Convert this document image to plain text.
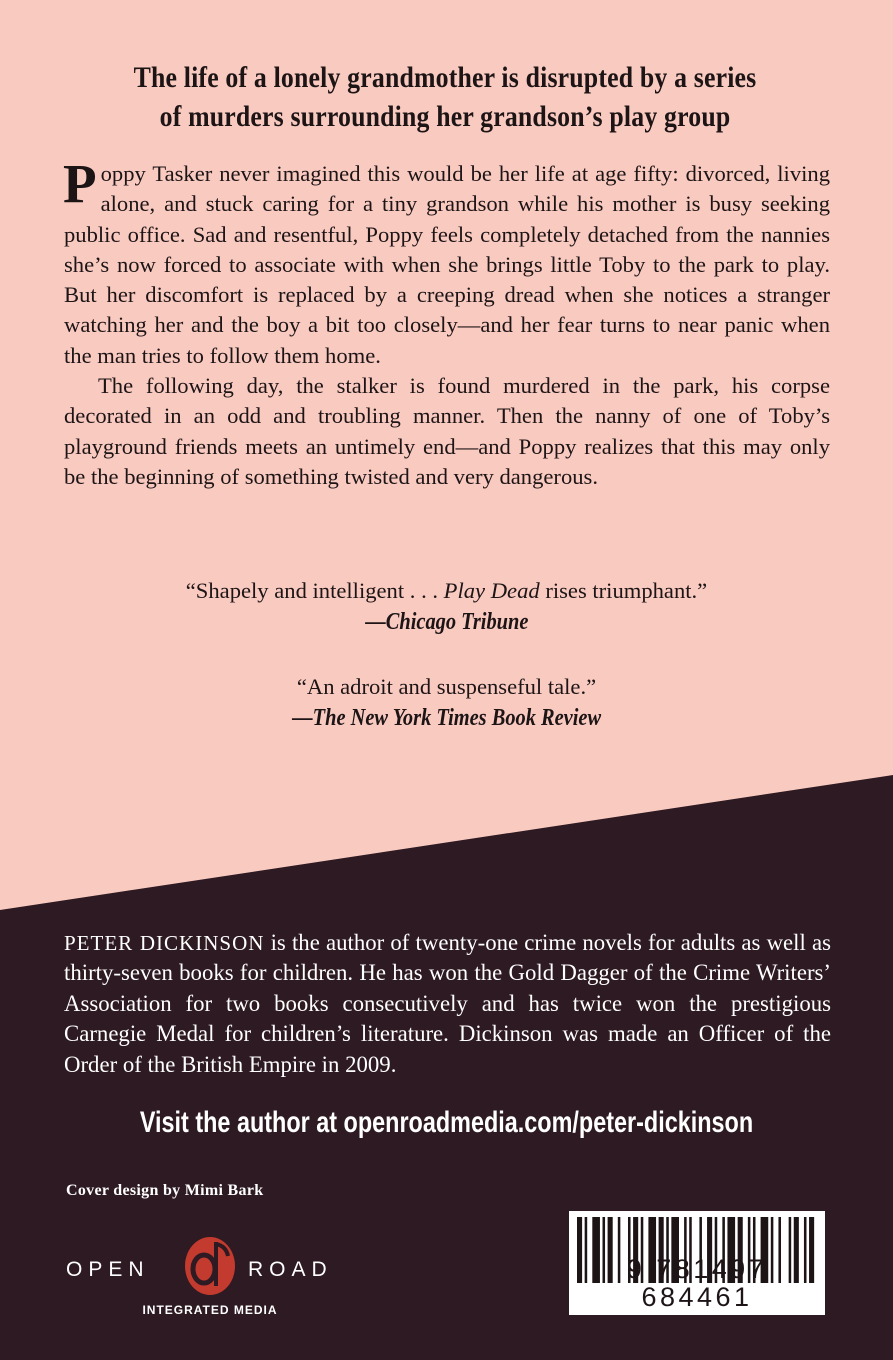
The life of a lonely grandmother is disrupted by a series
of murders surrounding her grandson’s play group

Poppy Tasker never imagined this would be her life at age fifty: divorced, living alone, and stuck caring for a tiny grandson while his mother is busy seeking public office. Sad and resentful, Poppy feels completely detached from the nannies she’s now forced to associate with when she brings little Toby to the park to play. But her discomfort is replaced by a creeping dread when she notices a stranger watching her and the boy a bit too closely—and her fear turns to near panic when the man tries to follow them home.

The following day, the stalker is found murdered in the park, his corpse decorated in an odd and troubling manner. Then the nanny of one of Toby’s playground friends meets an untimely end—and Poppy realizes that this may only be the beginning of something twisted and very dangerous.

“Shapely and intelligent . . . Play Dead rises triumphant.”
—Chicago Tribune
“An adroit and suspenseful tale.”
—The New York Times Book Review
PETER DICKINSON is the author of twenty-one crime novels for adults as well as thirty-seven books for children. He has won the Gold Dagger of the Crime Writers’ Association for two books consecutively and has twice won the prestigious Carnegie Medal for children’s literature. Dickinson was made an Officer of the Order of the British Empire in 2009.
Visit the author at openroadmedia.com/peter-dickinson
Cover design by Mimi Bark
OPEN	ROAD
INTEGRATED MEDIA
9 781497 684461
